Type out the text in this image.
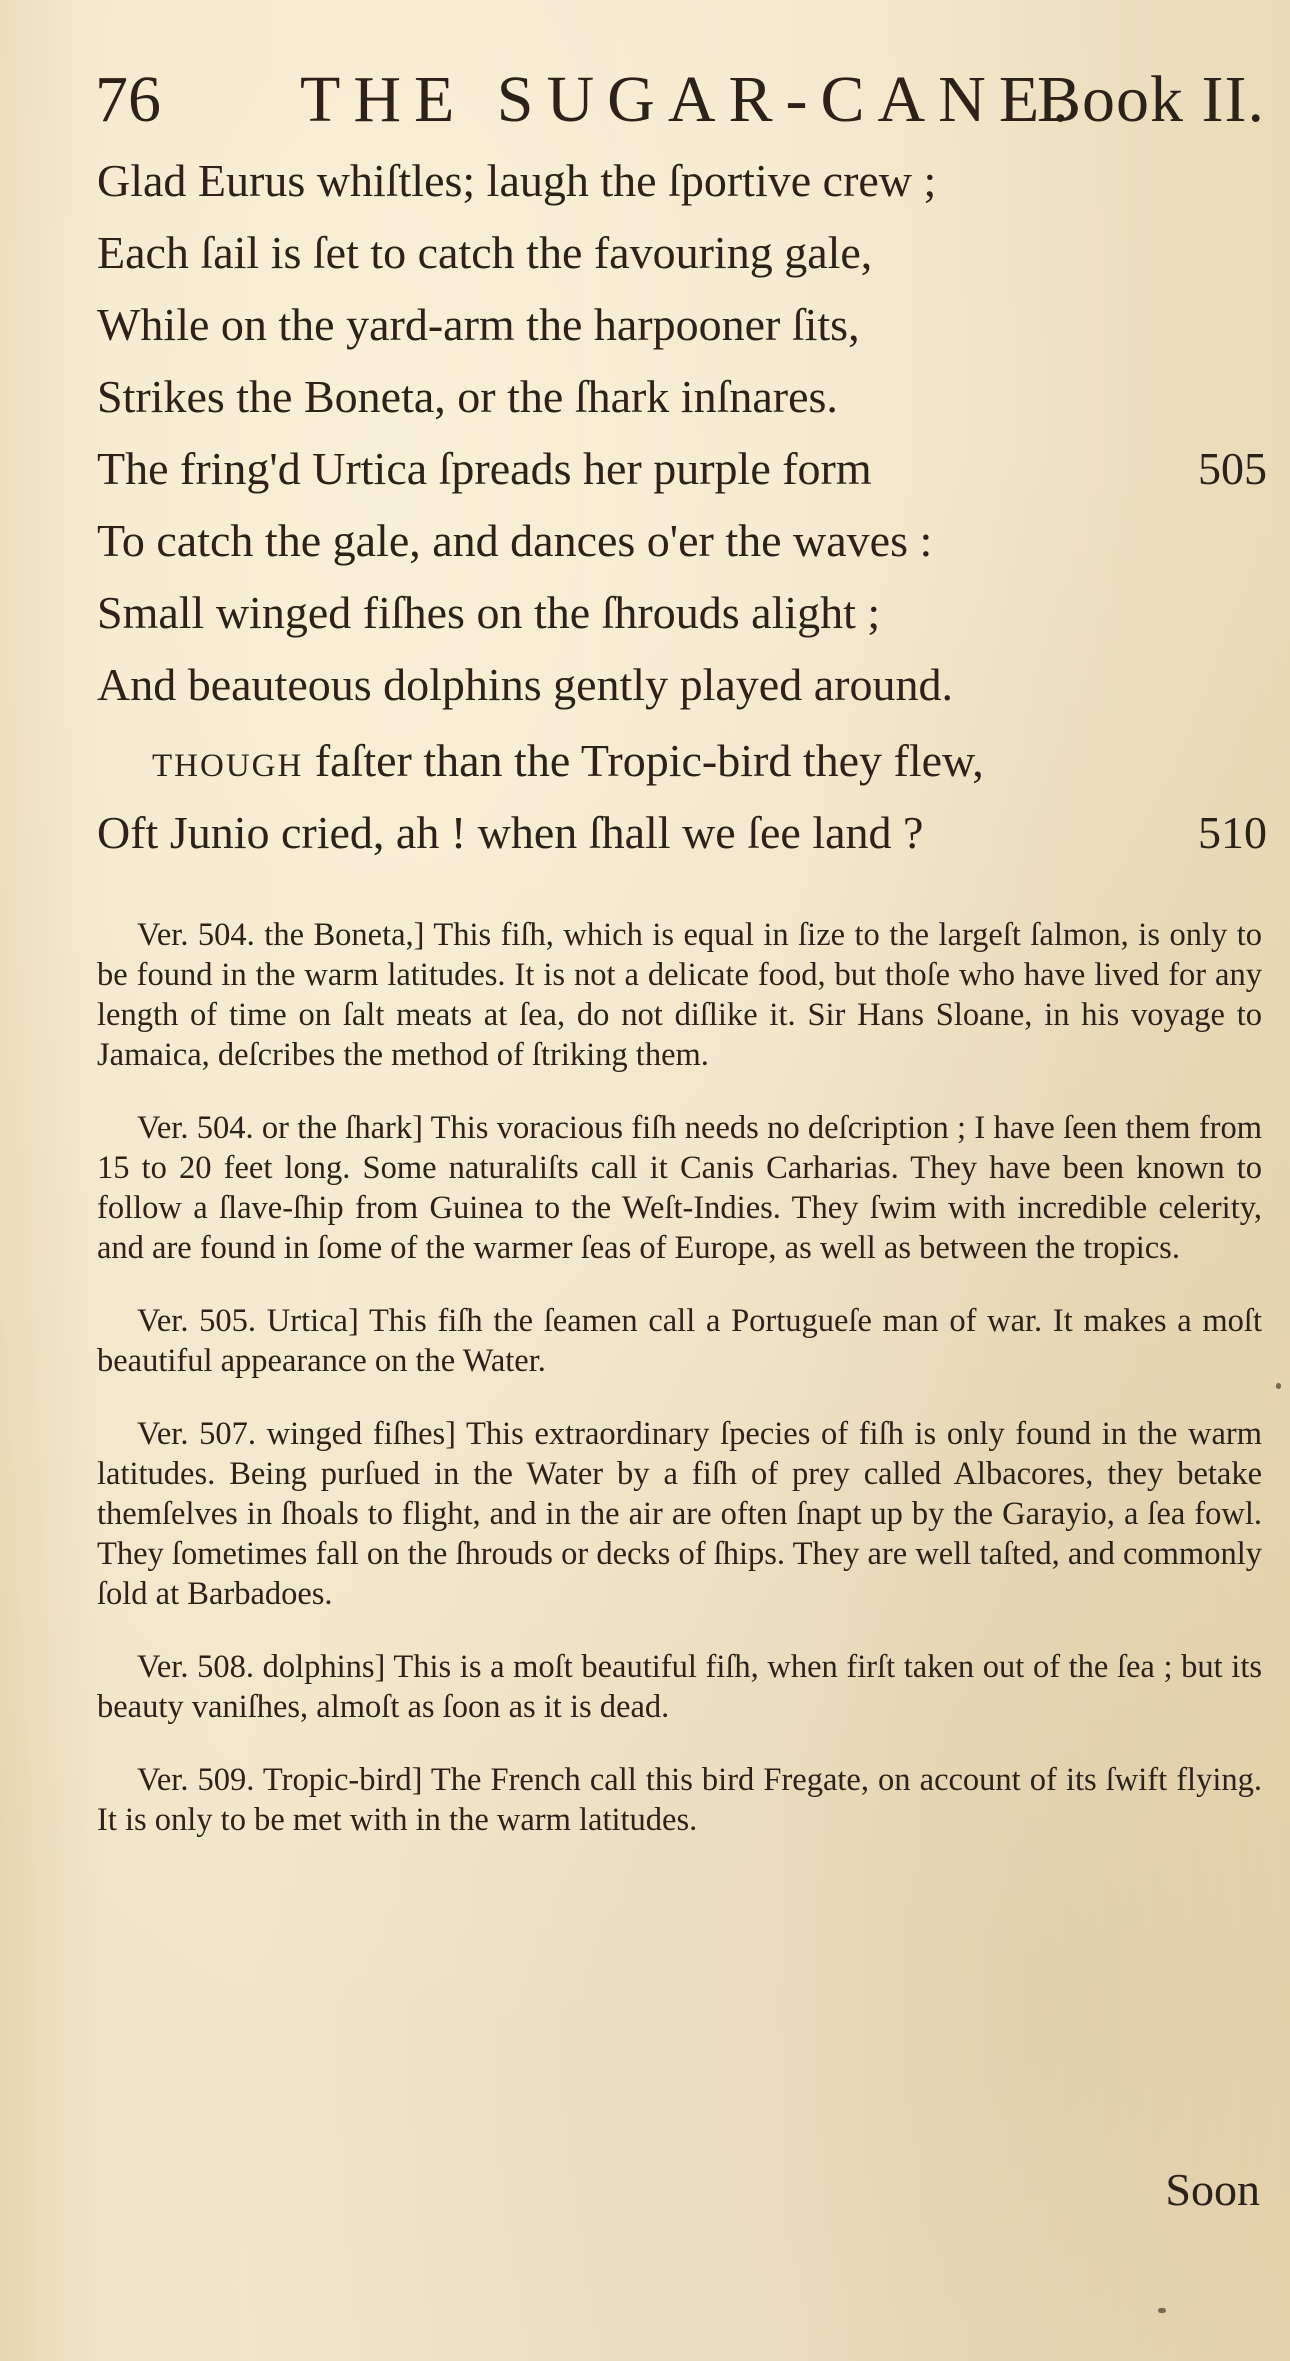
76 THE SUGAR-CANE.
Book II.
Glad Eurus whiſtles; laugh the ſportive crew ;
Each ſail is ſet to catch the favouring gale,
While on the yard-arm the harpooner ſits,
Strikes the Boneta, or the ſhark inſnares.
The fring'd Urtica ſpreads her purple form	505
To catch the gale, and dances o'er the waves :
Small winged fiſhes on the ſhrouds alight ;
And beauteous dolphins gently played around.
THOUGH faſter than the Tropic-bird they flew,
Oft Junio cried, ah ! when ſhall we ſee land ?	510

Ver. 504. the Boneta,] This fiſh, which is equal in ſize to the largeſt ſalmon, is only to be found in the warm latitudes. It is not a delicate food, but thoſe who have lived for any length of time on ſalt meats at ſea, do not diſlike it. Sir Hans Sloane, in his voyage to Jamaica, deſcribes the method of ſtriking them.

Ver. 504. or the ſhark] This voracious fiſh needs no deſcription ; I have ſeen them from 15 to 20 feet long. Some naturaliſts call it Canis Carharias. They have been known to follow a ſlave-ſhip from Guinea to the Weſt-Indies. They ſwim with incredible celerity, and are found in ſome of the warmer ſeas of Europe, as well as between the tropics.

Ver. 505. Urtica] This fiſh the ſeamen call a Portugueſe man of war. It makes a moſt beautiful appearance on the Water.

Ver. 507. winged fiſhes] This extraordinary ſpecies of fiſh is only found in the warm latitudes. Being purſued in the Water by a fiſh of prey called Albacores, they betake themſelves in ſhoals to flight, and in the air are often ſnapt up by the Garayio, a ſea fowl. They ſometimes fall on the ſhrouds or decks of ſhips. They are well taſted, and commonly ſold at Barbadoes.

Ver. 508. dolphins] This is a moſt beautiful fiſh, when firſt taken out of the ſea ; but its beauty vaniſhes, almoſt as ſoon as it is dead.

Ver. 509. Tropic-bird] The French call this bird Fregate, on account of its ſwift flying. It is only to be met with in the warm latitudes.

Soon
